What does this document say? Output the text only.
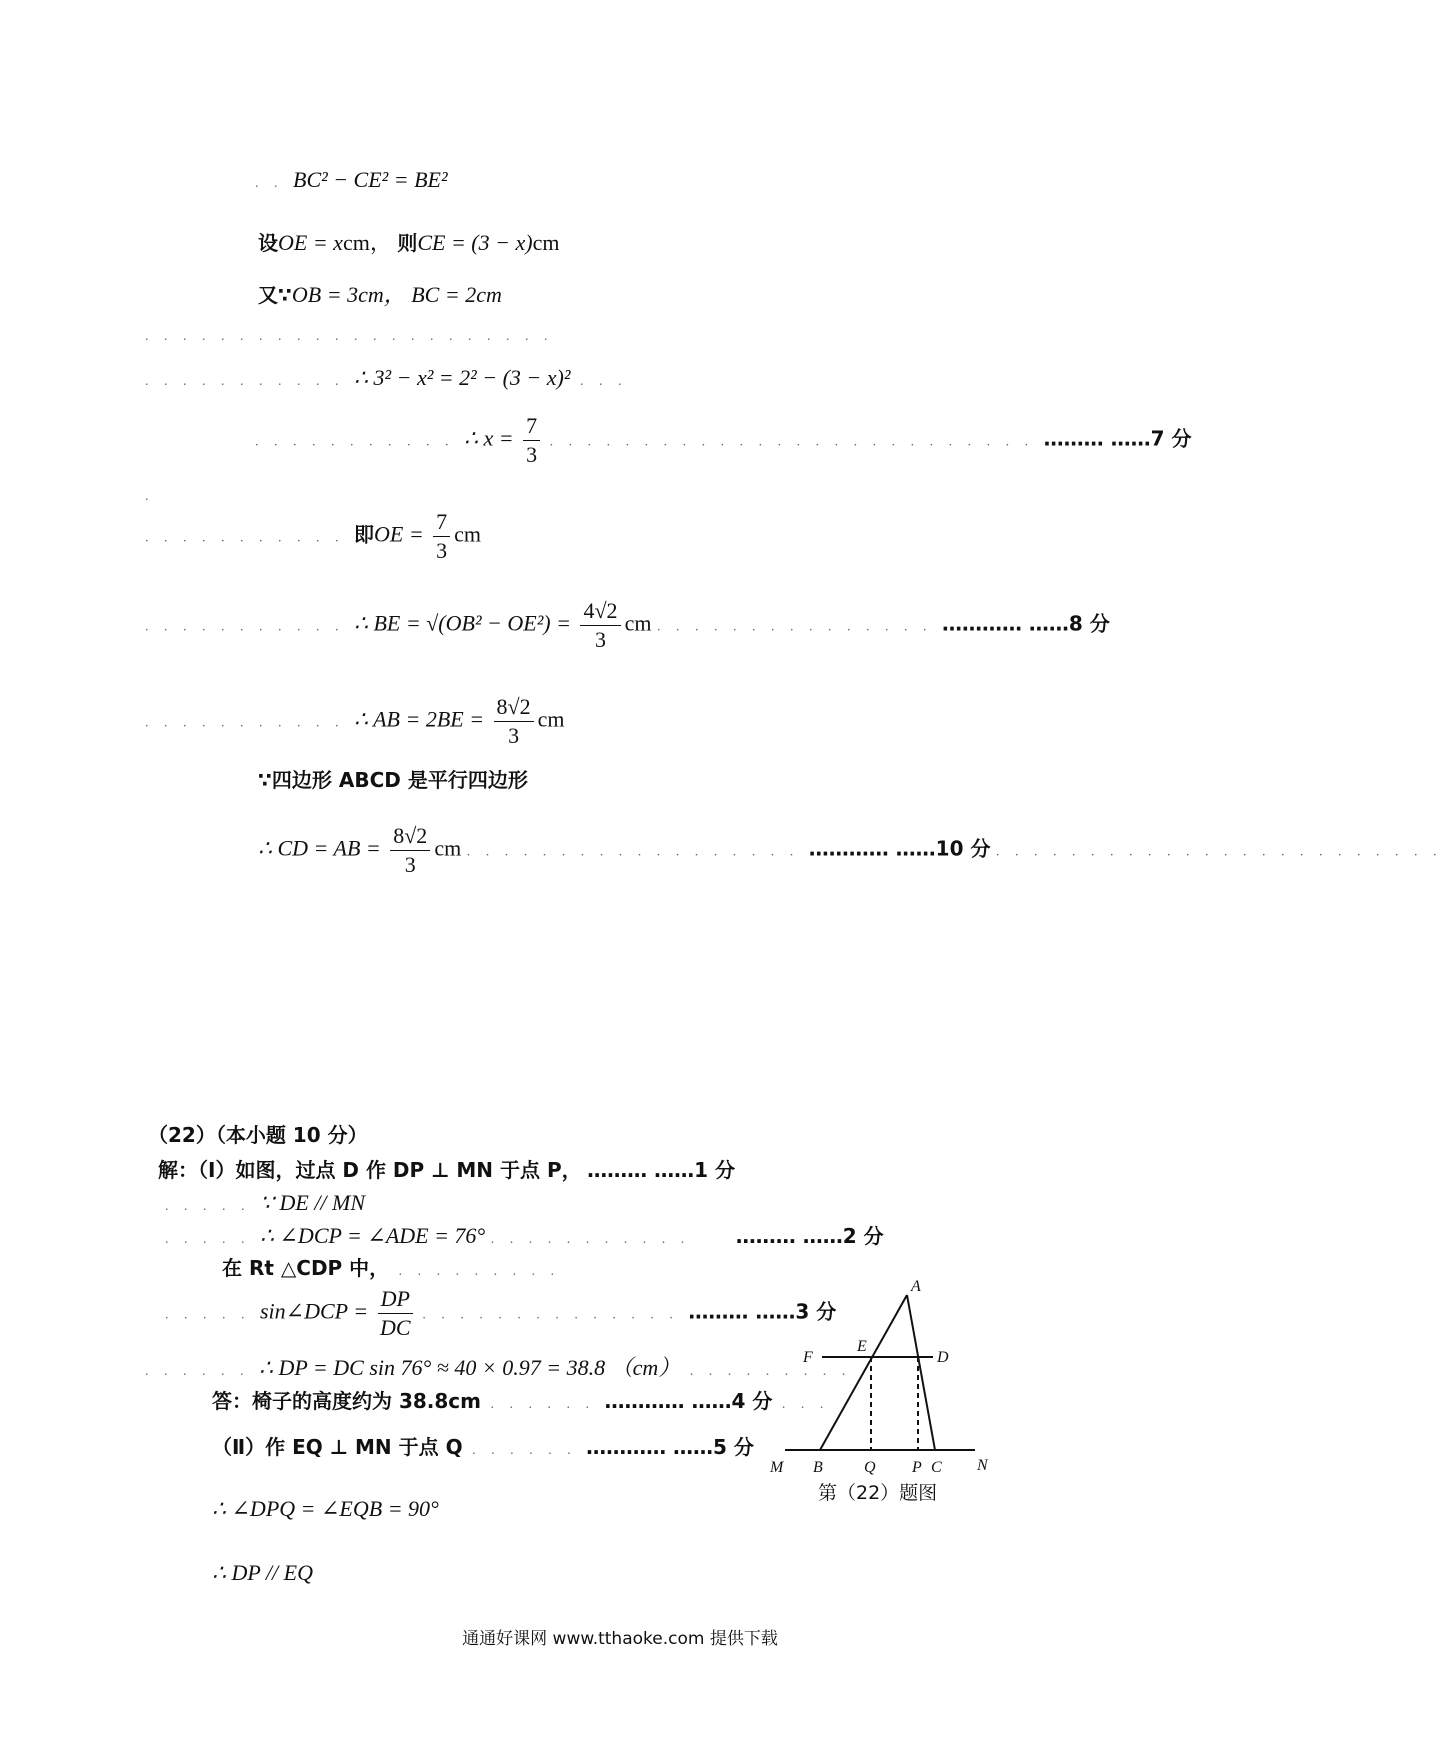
. . BC² − CE² = BE²
设OE = xcm， 则CE = (3 − x)cm
又∵OB = 3cm， BC = 2cm
. . . . . . . . . . . . . . . . . . . . . .
. . . . . . . . . . . ∴ 3² − x² = 2² − (3 − x)² . . .
. . . . . . . . . . . ∴ $x = \frac{7}{3}$ . . . . . . . . . . . . . . . . . . . . . . . . . . ……… ……7 分
.
. . . . . . . . . . . 即OE = $\frac{7}{3}$ cm
. . . . . . . . . . . ∴ BE = $√(OB^2 - OE^2) = \frac{4√2}{3}$ cm . . . . . . . . . . . . . . . ………… ……8 分
. . . . . . . . . . . ∴ AB = $2BE = \frac{8√2}{3}$ cm
∵四边形 ABCD 是平行四边形
∴ CD = AB = $\frac{8√2}{3}$ cm . . . . . . . . . . . . . . . . . . ………… ……10 分 . . . . . . . . . . . . . . . . . . . . . . . .
（22）（本小题 10 分）
解：（Ⅰ）如图，过点 D 作 DP ⊥ MN 于点 P， ……… ……1 分
. . . . . ∵ DE // MN
. . . . . ∴ ∠DCP = ∠ADE = 76° . . . . . . . . . . . ……… ……2 分
在 Rt △CDP 中， . . . . . . . . .
. . . . . sin∠DCP = $\frac{DP}{DC}$ . . . . . . . . . . . . . . ……… ……3 分
. . . . . . ∴ DP = DC sin 76° ≈ 40 × 0.97 = 38.8 （cm） . . . . . . . . . .
答：椅子的高度约为 38.8cm . . . . . . ………… ……4 分 . . .
（Ⅱ）作 EQ ⊥ MN 于点 Q . . . . . . ………… ……5 分
∴ ∠DPQ = ∠EQB = 90°
∴ DP // EQ
A
F
E
D
M B	Q P C N
第（22）题图
通通好课网 www.tthaoke.com 提供下载
